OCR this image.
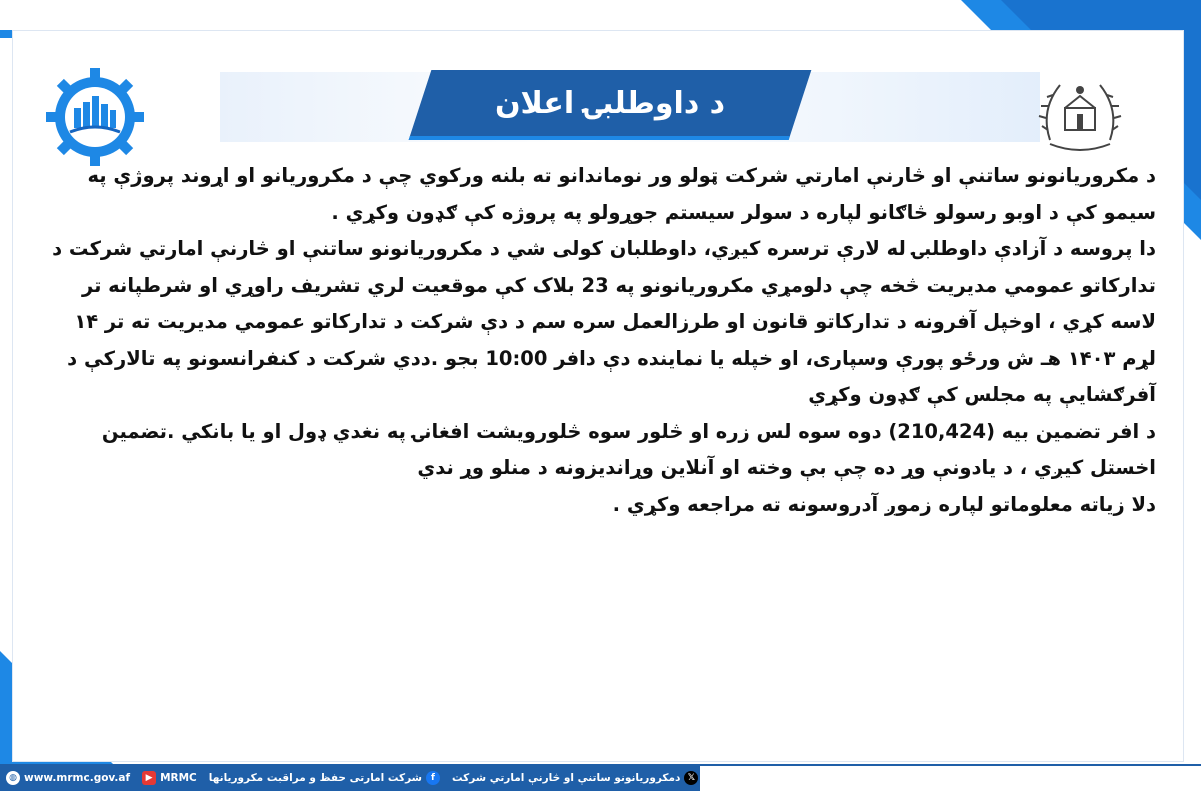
د داوطلبۍ اعلان

د مکروریانونو ساتنې او څارنې امارتي شرکت ټولو ور نوماندانو ته بلنه ورکوي چې د مکروریانو او اړوند پروژې په سیمو کې د اوبو رسولو څاګانو لپاره د سولر سیستم جوړولو په پروژه کې ګډون وکړي .

دا پروسه د آزادې داوطلبۍ له لارې ترسره کیږي، داوطلبان کولی شي د مکروریانونو ساتنې او څارنې امارتي شرکت د تدارکاتو عمومي مدیریت څخه چې دلومړي مکروریانونو په 23 بلاک کې موقعیت لري تشریف راوړي او شرطپانه تر لاسه کړي ، اوخپل آفرونه د تدارکاتو قانون او طرزالعمل سره سم د دې شرکت د تدارکاتو عمومي مدیریت ته تر ۱۴ لړم ۱۴۰۳ هـ ش ورځو پورې وسپاری، او خپله یا نماینده دې دافر 10:00 بجو .ددي شرکت د کنفرانسونو په تالارکې د آفرګشایې په مجلس کې ګډون وکړي

د افر تضمین بیه (210,424) دوه سوه لس زره او څلور سوه څلورویشت افغانۍ په نغدي ډول او یا بانکي .تضمین اخستل کیږي ، د یادونې وړ ده چې بې وخته او آنلاین وړاندیزونه د منلو وړ ندي

دلا زیاته معلوماتو لپاره زموږ آدروسونه ته مراجعه وکړي .

◍ www.mrmc.gov.af	▶ MRMC شرکت امارتی حفظ و مراقبت مکروریانها	f	دمکروریانونو ساتنې او څارنې امارتي شرکت 𝕏
